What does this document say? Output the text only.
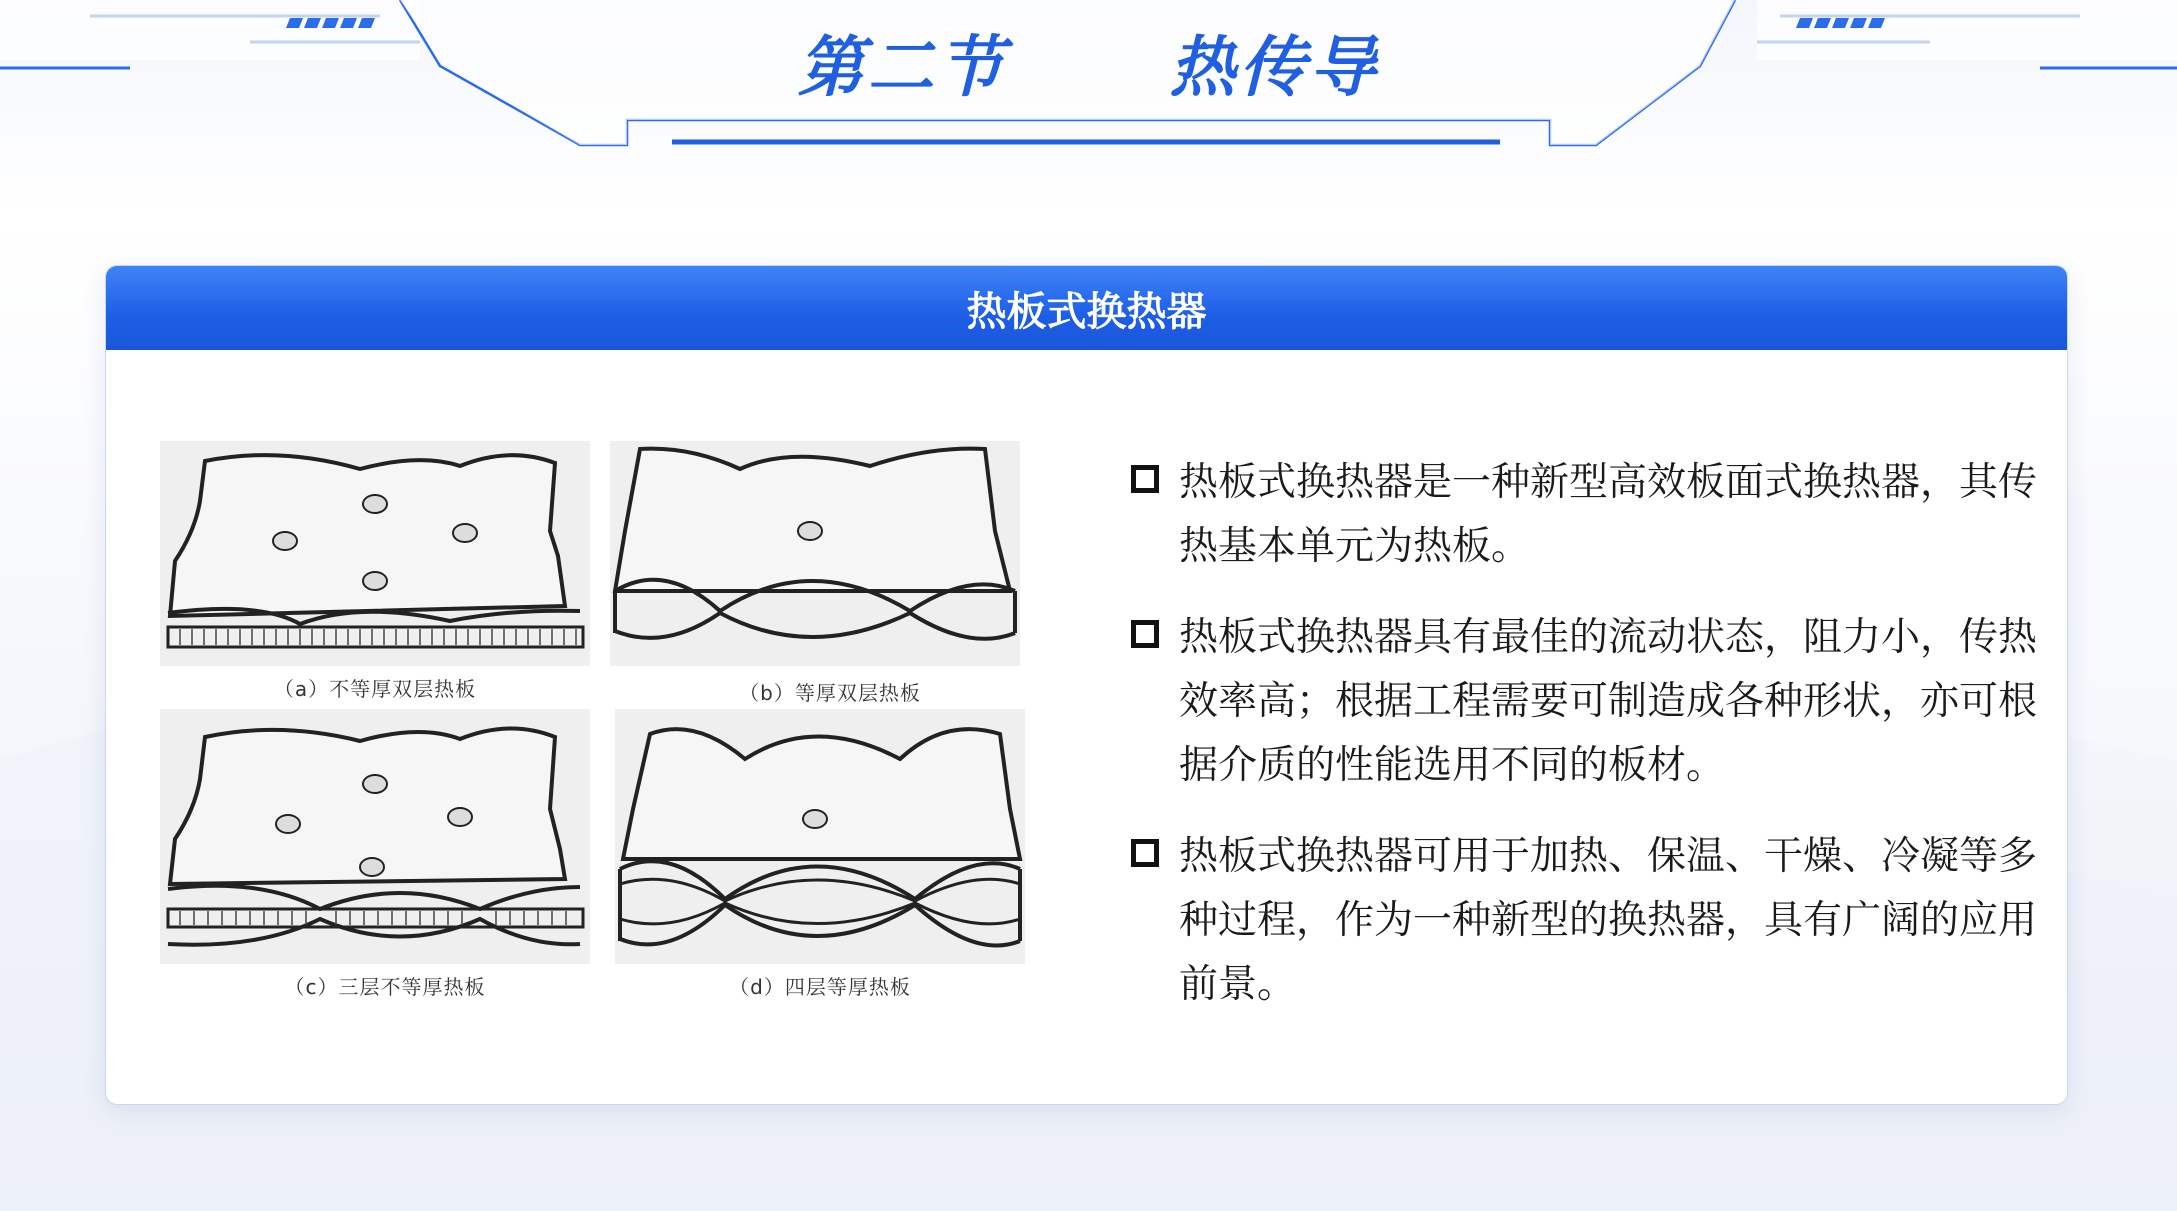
第二节      热传导
热板式换热器
（a）不等厚双层热板	（b）等厚双层热板
（c）三层不等厚热板	（d）四层等厚热板
热板式换热器是一种新型高效板面式换热器，其传热基本单元为热板。
热板式换热器具有最佳的流动状态，阻力小，传热效率高；根据工程需要可制造成各种形状，亦可根据介质的性能选用不同的板材。
热板式换热器可用于加热、保温、干燥、冷凝等多种过程，作为一种新型的换热器，具有广阔的应用前景。
